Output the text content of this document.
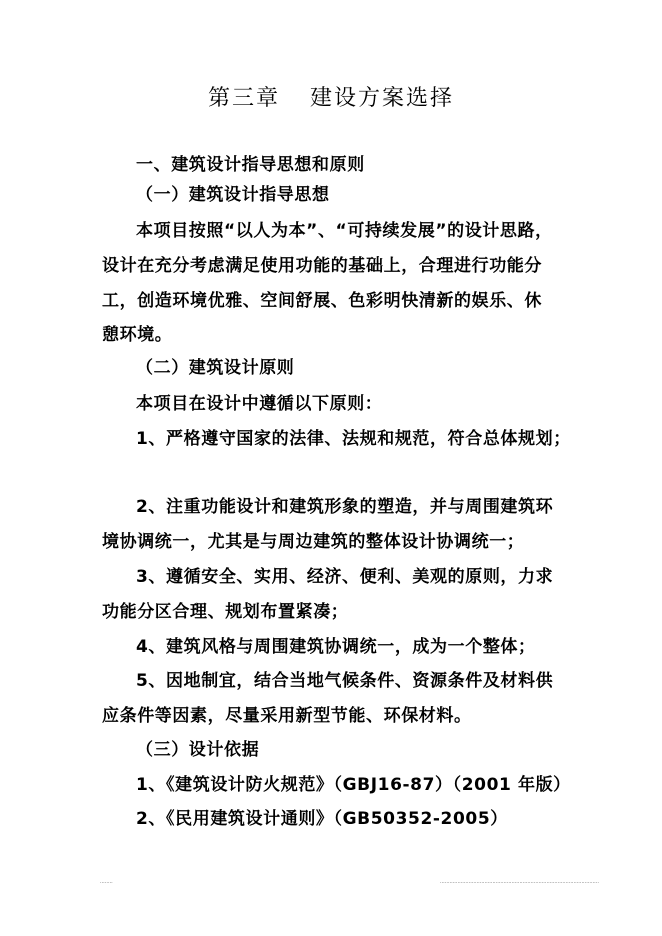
第三章 建设方案选择
一、建筑设计指导思想和原则
（一）建筑设计指导思想
本项目按照“以人为本”、“可持续发展”的设计思路，
设计在充分考虑满足使用功能的基础上，合理进行功能分
工，创造环境优雅、空间舒展、色彩明快清新的娱乐、休
憩环境。
（二）建筑设计原则
本项目在设计中遵循以下原则：
1、严格遵守国家的法律、法规和规范，符合总体规划；
2、注重功能设计和建筑形象的塑造，并与周围建筑环
境协调统一，尤其是与周边建筑的整体设计协调统一；
3、遵循安全、实用、经济、便利、美观的原则，力求
功能分区合理、规划布置紧凑；
4、建筑风格与周围建筑协调统一，成为一个整体；
5、因地制宜，结合当地气候条件、资源条件及材料供
应条件等因素，尽量采用新型节能、环保材料。
（三）设计依据
1、《建筑设计防火规范》（GBJ16-87）（2001 年版）
2、《民用建筑设计通则》（GB50352-2005）
........	....................................................................................................
